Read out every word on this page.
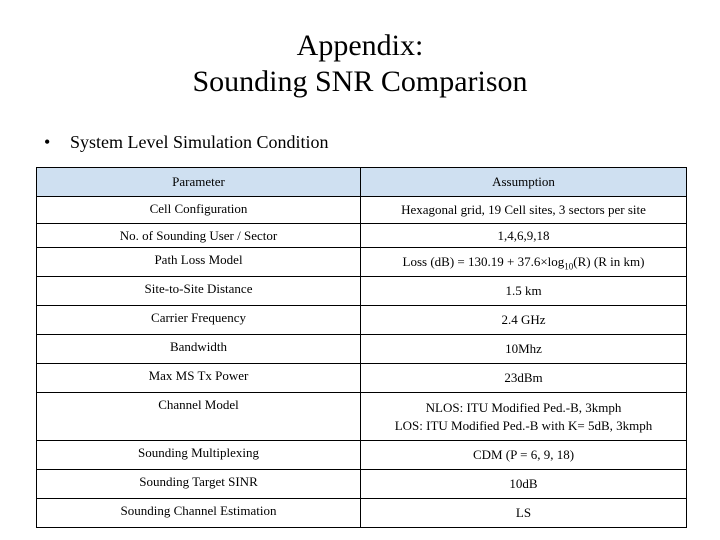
Appendix:
Sounding SNR Comparison
• System Level Simulation Condition
Parameter	Assumption
Cell Configuration	Hexagonal grid, 19 Cell sites, 3 sectors per site
No. of Sounding User / Sector	1,4,6,9,18
Path Loss Model	Loss $(dB) = 130.19 + 37.6\times\log_{10}(R)$ (R in km)
Site-to-Site Distance	1.5 km
Carrier Frequency	2.4 GHz
Bandwidth	10Mhz
Max MS Tx Power	23dBm
Channel Model	NLOS: ITU Modified Ped.-B, 3kmph
LOS: ITU Modified Ped.-B with K= 5dB, 3kmph

Sounding Multiplexing	CDM (P = 6, 9, 18)
Sounding Target SINR	10dB
Sounding Channel Estimation	LS
